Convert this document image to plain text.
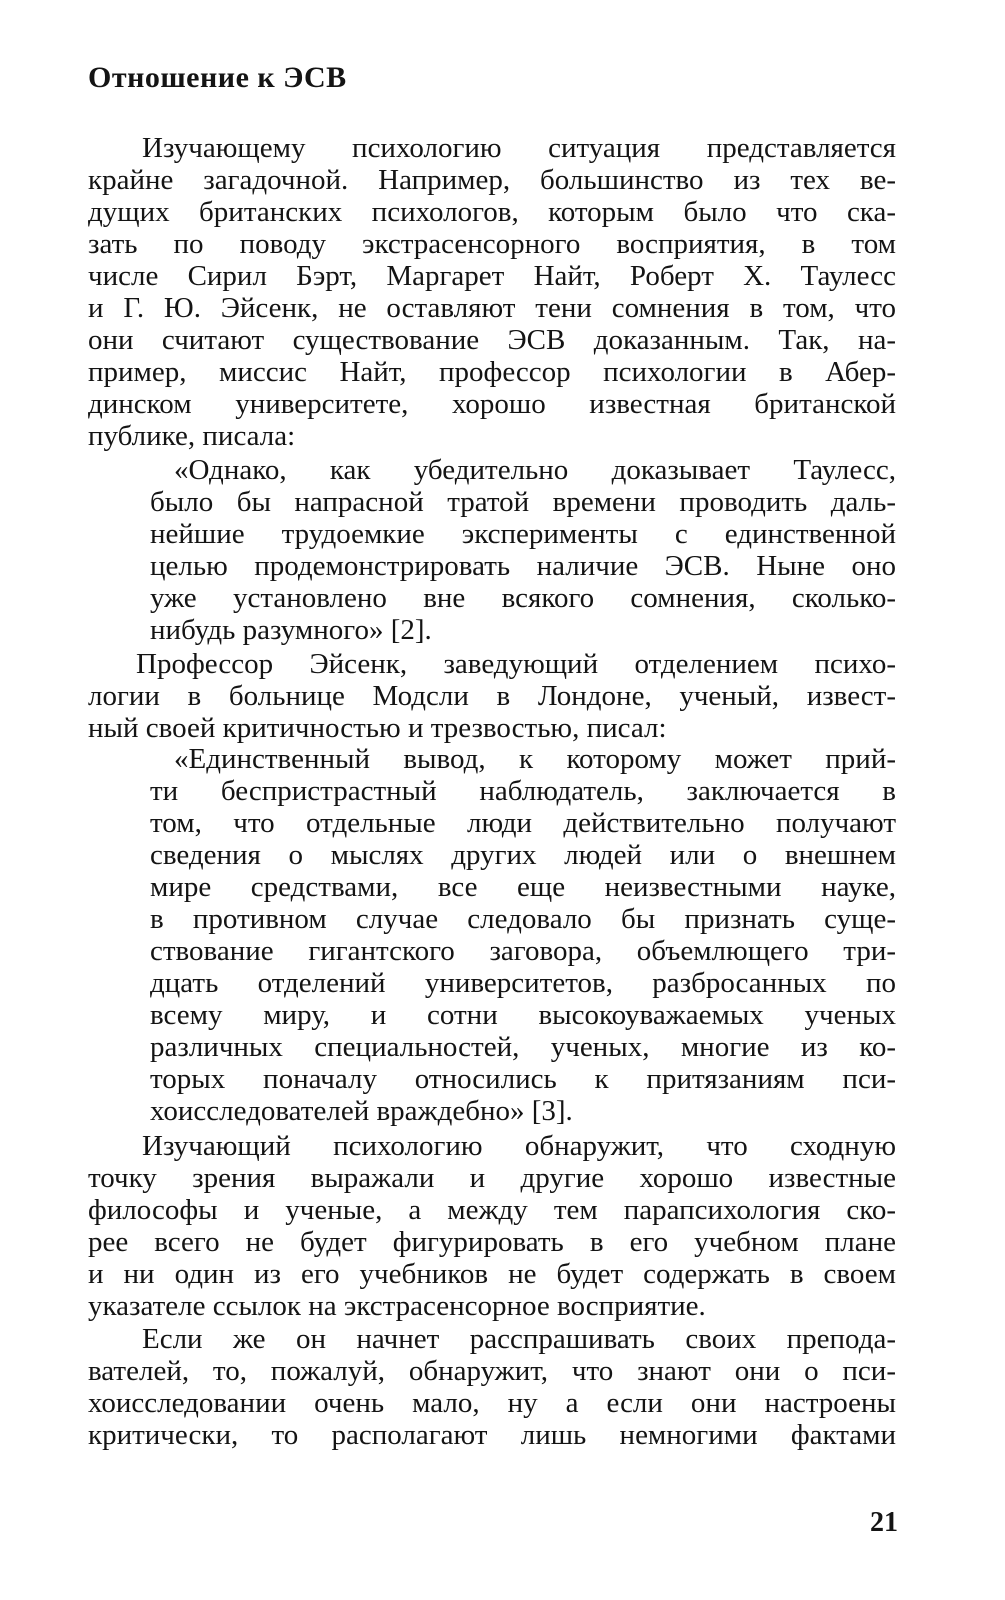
Отношение к ЭСВ
Изучающему психологию ситуация представляется
крайне загадочной. Например, большинство из тех ве-
дущих британских психологов, которым было что ска-
зать по поводу экстрасенсорного восприятия, в том
числе Сирил Бэрт, Маргарет Найт, Роберт Х. Таулесс
и Г. Ю. Эйсенк, не оставляют тени сомнения в том, что
они считают существование ЭСВ доказанным. Так, на-
пример, миссис Найт, профессор психологии в Абер-
динском университете, хорошо известная британской
публике, писала:
«Однако, как убедительно доказывает Таулесс,
было бы напрасной тратой времени проводить даль-
нейшие трудоемкие эксперименты с единственной
целью продемонстрировать наличие ЭСВ. Ныне оно
уже установлено вне всякого сомнения, сколько-
нибудь разумного» [2].
Профессор Эйсенк, заведующий отделением психо-
логии в больнице Модсли в Лондоне, ученый, извест-
ный своей критичностью и трезвостью, писал:
«Единственный вывод, к которому может прий-
ти беспристрастный наблюдатель, заключается в
том, что отдельные люди действительно получают
сведения о мыслях других людей или о внешнем
мире средствами, все еще неизвестными науке,
в противном случае следовало бы признать суще-
ствование гигантского заговора, объемлющего три-
дцать отделений университетов, разбросанных по
всему миру, и сотни высокоуважаемых ученых
различных специальностей, ученых, многие из ко-
торых поначалу относились к притязаниям пси-
хоисследователей враждебно» [3].
Изучающий психологию обнаружит, что сходную
точку зрения выражали и другие хорошо известные
философы и ученые, а между тем парапсихология ско-
рее всего не будет фигурировать в его учебном плане
и ни один из его учебников не будет содержать в своем
указателе ссылок на экстрасенсорное восприятие.
Если же он начнет расспрашивать своих препода-
вателей, то, пожалуй, обнаружит, что знают они о пси-
хоисследовании очень мало, ну а если они настроены
критически, то располагают лишь немногими фактами
21
